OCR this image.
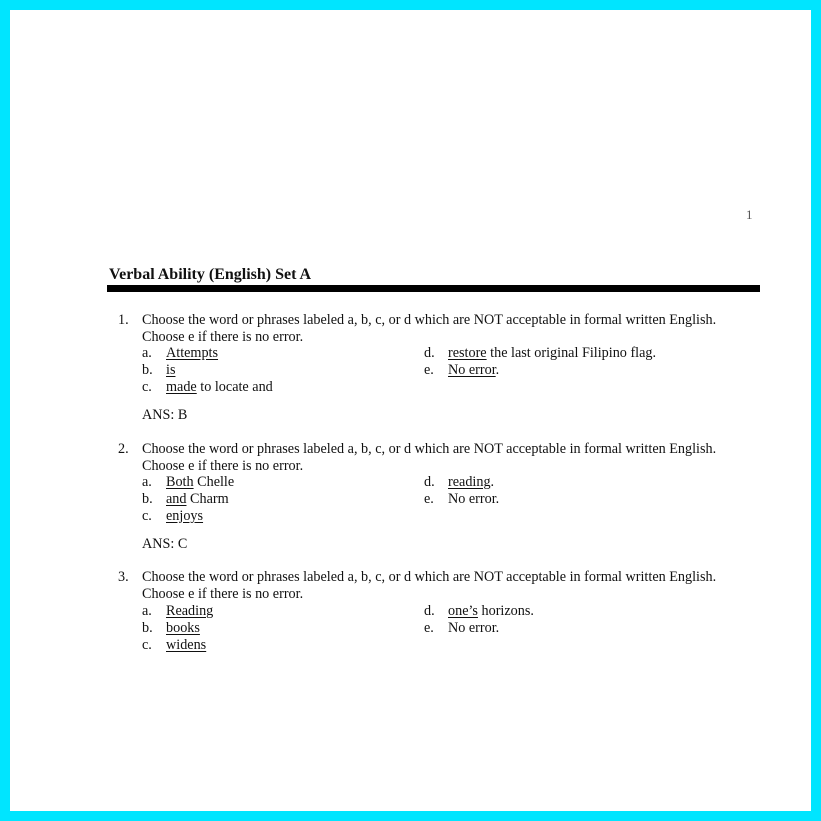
1
Verbal Ability (English) Set A
1. Choose the word or phrases labeled a, b, c, or d which are NOT acceptable in formal written English.
Choose e if there is no error.
a. Attempts
b. is
c. made to locate and
d. restore the last original Filipino flag.
e. No error.
ANS: B
2. Choose the word or phrases labeled a, b, c, or d which are NOT acceptable in formal written English.
Choose e if there is no error.
a. Both Chelle
b. and Charm
c. enjoys
d. reading.
e. No error.
ANS: C
3. Choose the word or phrases labeled a, b, c, or d which are NOT acceptable in formal written English.
Choose e if there is no error.
a. Reading
b. books
c. widens
d. one’s horizons.
e. No error.
